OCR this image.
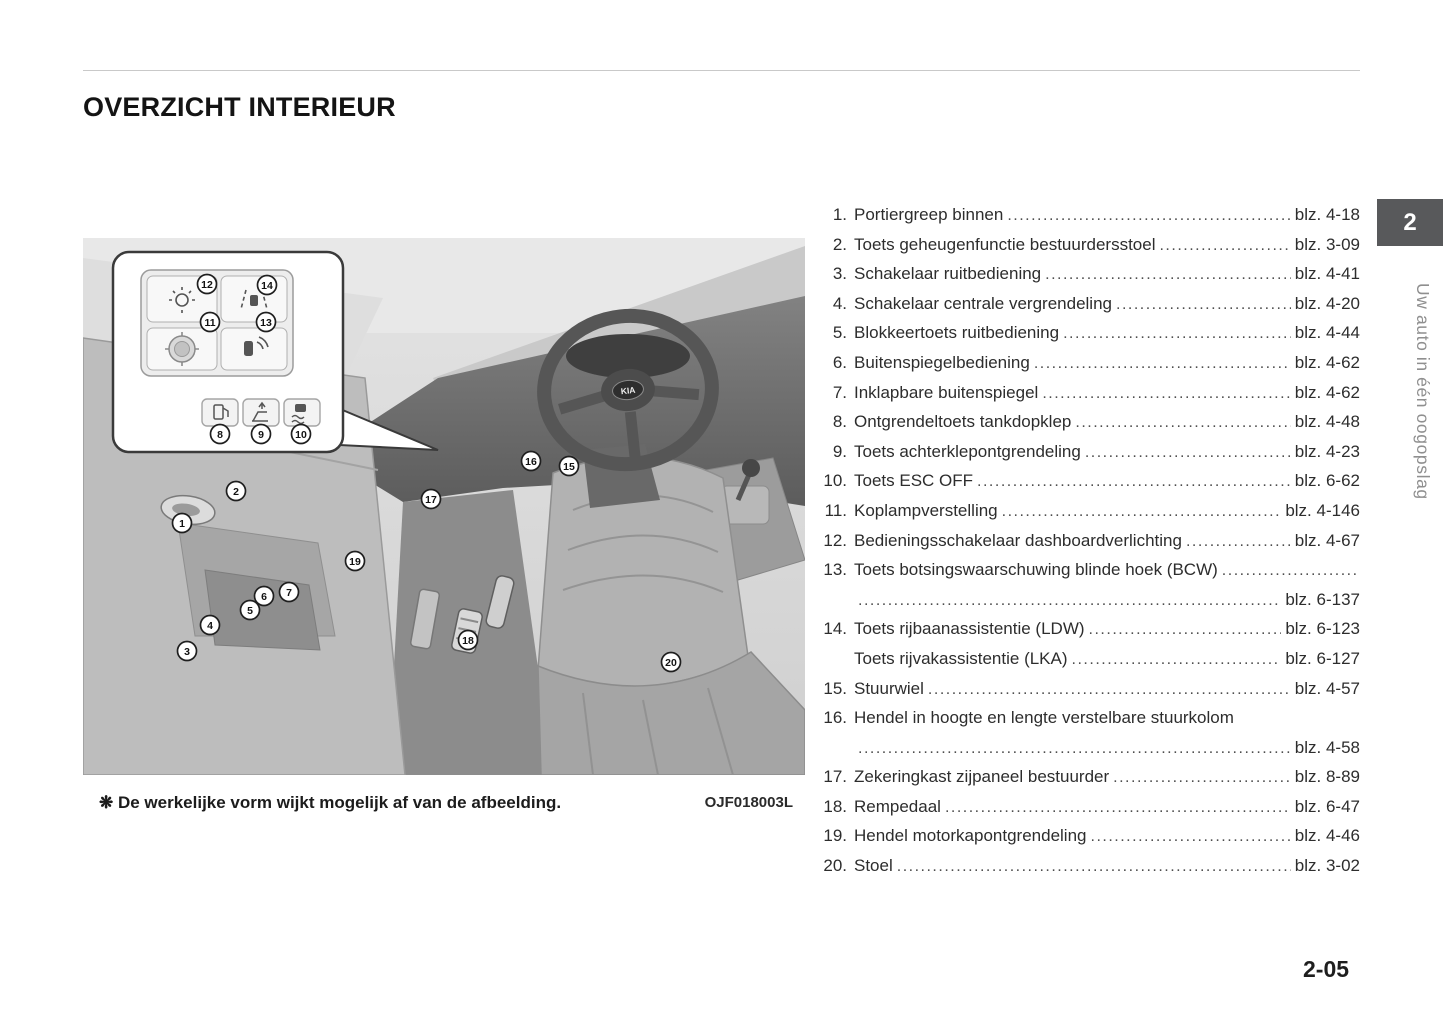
OVERZICHT INTERIEUR
2
Uw auto in één oogopslag
KIA
1
2
3
4
5
6 7
8	9	10
11
12
13
14
15
16
17
18
19
20
❋ De werkelijke vorm wijkt mogelijk af van de afbeelding.	OJF018003L
1. Portiergreep binnen .....	blz. 4-18
2. Toets geheugenfunctie bestuurdersstoel .....	blz. 3-09
3. Schakelaar ruitbediening .....	blz. 4-41
4. Schakelaar centrale vergrendeling .....	blz. 4-20
5. Blokkeertoets ruitbediening .....	blz. 4-44
6. Buitenspiegelbediening .....	blz. 4-62
7. Inklapbare buitenspiegel .....	blz. 4-62
8. Ontgrendeltoets tankdopklep .....	blz. 4-48
9. Toets achterklepontgrendeling .....	blz. 4-23
10. Toets ESC OFF .....	blz. 6-62
11. Koplampverstelling .....	blz. 4-146
12. Bedieningsschakelaar dashboardverlichting .....	blz. 4-67
13. Toets botsingswaarschuwing blinde hoek (BCW)
.....
.....
blz. 6-137
14. Toets rijbaanassistentie (LDW) .....	blz. 6-123
Toets rijvakassistentie (LKA) .....	blz. 6-127
15. Stuurwiel .....	blz. 4-57
16. Hendel in hoogte en lengte verstelbare stuurkolom
.....
blz. 4-58
17. Zekeringkast zijpaneel bestuurder .....	blz. 8-89
18. Rempedaal .....	blz. 6-47
19. Hendel motorkapontgrendeling .....	blz. 4-46
20. Stoel .....	blz. 3-02
2-05
